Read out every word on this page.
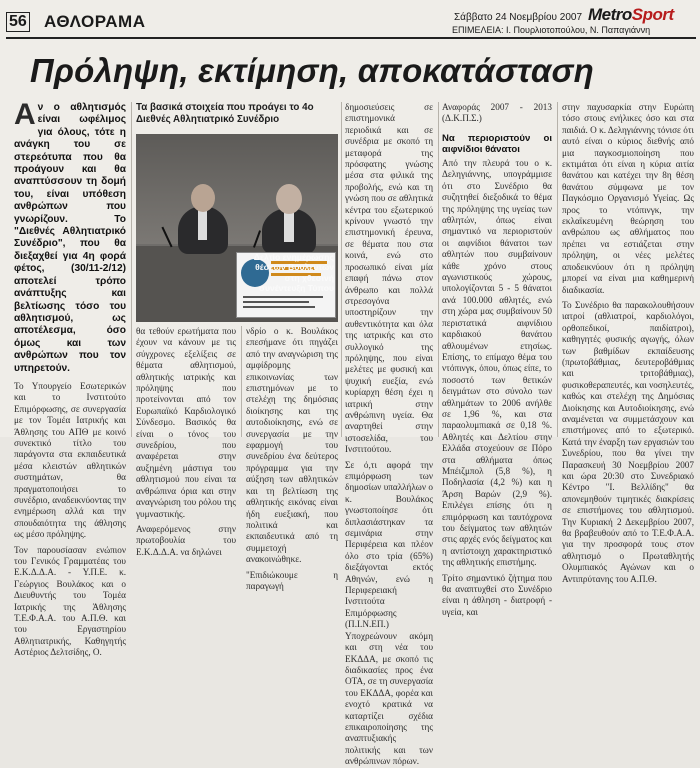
56 ΑΘΛΟΡΑΜΑ	Σάββατο 24 Νοεμβρίου 2007 MetroSport
ΕΠΙΜΕΛΕΙΑ: Ι. Πουρλιοτοπούλου, Ν. Παπαγιάννη
Πρόληψη, εκτίμηση, αποκατάσταση
Α ν ο αθλητισμός είναι ωφέλιμος για όλους, τότε η ανάγκη του σε στερεότυπα που θα προάγουν και θα αναπτύσσουν τη δομή του, είναι υπόθεση ανθρώπων που γνωρίζουν. Το "Διεθνές Αθλητιατρικό Συνέδριο", που θα διεξαχθεί για 4η φορά φέτος, (30/11-2/12) αποτελεί τρόπο ανάπτυξης και βελτίωσης τόσο του αθλητισμού, ως αποτέλεσμα, όσο όμως και των ανθρώπων που τον υπηρετούν.

Το Υπουργείο Εσωτερικών και το Ινστιτούτο Επιμόρφωσης, σε συνεργασία με τον Τομέα Ιατρικής και Άθλησης του ΑΠΘ με κοινό συνεκτικό τίτλο του παράγοντα στα εκπαιδευτικά μέσα κλειστών αθλητικών συστημάτων, θα πραγματοποιήσει το συνέδριο, αναδεικνύοντας την ενημέρωση αλλά και την σπουδαιότητα της άθλησης ως μέσο πρόληψης.

Τον παρουσίασαν ενώπιον του Γενικός Γραμματέας του Ε.Κ.Δ.Δ.Α. - Υ.Π.Ε. κ. Γεώργιος Βουλάκος και ο Διευθυντής του Τομέα Ιατρικής της Άθλησης Τ.Ε.Φ.Α.Α. του Α.Π.Θ. και του Εργαστηρίου Αθλητιατρικής, Καθηγητής Αστέριος Δελτσίδης, Ο.

Τα βασικά στοιχεία που προάγει το 4ο Διεθνές Αθλητιατρικό Συνέδριο
Δελτίο ενημέρωσης θέσεων Βουλευτών στη χθεσινή συνέντευξη Τύπου

θα τεθούν ερωτήματα που έχουν να κάνουν με τις σύγχρονες εξελίξεις σε θέματα αθλητισμού, αθλητικής ιατρικής και πρόληψης που προτείνονται από τον Ευρωπαϊκό Καρδιολογικό Σύνδεσμο. Βασικός θα είναι ο τόνος του συνεδρίου, που αναφέρεται στην αυξημένη μάστιγα του αθλητισμού που είναι τα ανθρώπινα όρια και στην αναγνώριση του ρόλου της γυμναστικής.

Αναφερόμενος στην πρωτοβουλία του Ε.Κ.Δ.Δ.Α. να δηλώνει

νδρίο ο κ. Βουλάκος επεσήμανε ότι πηγάζει από την αναγνώριση της αμφίδρομης επικοινωνίας των επιστημόνων με το στελέχη της δημόσιας διοίκησης και της αυτοδιοίκησης, ενώ σε συνεργασία με την εφαρμογή του συνεδρίου ένα δεύτερος πρόγραμμα για την αύξηση των αθλητικών και τη βελτίωση της αθλητικής εικόνας είναι ήδη ευεξιακή, που πολιτικά και εκπαιδευτικά από τη συμμετοχή ανακοινώθηκε.

"Επιδιώκουμε η παραγωγή

δημοσιεύσεις σε επιστημονικά περιοδικά και σε συνέδρια με σκοπό τη μεταφορά της πρόσφατης γνώσης μέσα στα φιλικά της προβολής, ενώ και τη γνώση που σε αθλητικά κέντρα του εξωτερικού κρίνουν γνωστό την επιστημονική έρευνα, σε θέματα που στα κοινά, ενώ στο προσωπικό είναι μία επαφή πάνω στον άνθρωπο και πολλά στρεσογόνα υποστηρίζουν την αυθεντικότητα και όλα της ιατρικής και στο συλλογικό της πρόληψης, που είναι μελέτες με φυσική και ψυχική ευεξία, ενώ κυρίαρχη θέση έχει η ιατρική στην ανθρώπινη υγεία. Θα αναρτηθεί στην ιστοσελίδα, του Ινστιτούτου.

Σε ό,τι αφορά την επιμόρφωση των δημοσίων υπαλλήλων ο κ. Βουλάκος γνωστοποίησε ότι διπλασιάστηκαν τα σεμινάρια στην Περιφέρεια και πλέον όλο στο τρία (65%) διεξάγονται εκτός Αθηνών, ενώ η Περιφερειακή Ινστιτούτα Επιμόρφωσης (Π.Ι.Ν.ΕΠ.) Υποχρεώνουν ακόμη και στη νέα του ΕΚΔΔΑ, με σκοπό τις διαδικασίες προς ένα OTA, σε τη συνεργασία του ΕΚΔΔΑ, φορέα και ενοχτό κρατικά να καταρτίζει σχέδια επικαιροποίησης της αναπτυξιακής πολιτικής και των ανθρώπινων πόρων.

Αναφοράς 2007 - 2013 (Δ.Κ.Π.Σ.)

Να περιοριστούν οι αιφνίδιοι θάνατοι

Από την πλευρά του ο κ. Δεληγιάννης, υπογράμμισε ότι στο Συνέδριο θα συζητηθεί διεξοδικά το θέμα της πρόληψης της υγείας των αθλητών, όπως είναι σημαντικό να περιοριστούν οι αιφνίδιοι θάνατοι των αθλητών που συμβαίνουν κάθε χρόνο στους αγωνιστικούς χώρους, υπολογίζονται 5 - 5 θάνατοι ανά 100.000 αθλητές, ενώ στη χώρα μας συμβαίνουν 50 περιστατικά αιφνίδιου καρδιακού θανάτου αθλουμένων ετησίως. Επίσης, το επίμαχο θέμα του ντόπινγκ, όπου, όπως είπε, το ποσοστό των θετικών δειγμάτων στο σύνολο των αθλημάτων το 2006 ανήλθε σε 1,96 %, και στα παραολυμπιακά σε 0,18 %. Αθλητές και Δελτίου στην Ελλάδα στοχεύουν σε Πόρο στα αθλήματα όπως Μπέιζμπολ (5,8 %), η Ποδηλασία (4,2 %) και η Άρση Βαρών (2,9 %). Επιλέγει επίσης ότι η επιμόρφωση και ταυτόχρονα του δείγματος των αθλητών στις αρχές ενός δείγματος και η αντίστοιχη χαρακτηριστικό της αθλητικής επιστήμης.

Τρίτο σημαντικό ζήτημα που θα αναπτυχθεί στο Συνέδριο είναι η άθληση - διατροφή - υγεία, και

στην παχυσαρκία στην Ευρώπη τόσο στους ενήλικες όσο και στα παιδιά. Ο κ. Δεληγιάννης τόνισε ότι αυτό είναι ο κύριος διεθνής από μια παγκοσμιοποίηση που εκτιμάται ότι είναι η κύρια αιτία θανάτου και κατέχει την 8η θέση θανάτου σύμφωνα με τον Παγκόσμιο Οργανισμό Υγείας. Ως προς το ντόπινγκ, την εκλαϊκευμένη θεώρηση του ανθρώπου ως αθλήματος που πρέπει να εστιάζεται στην πρόληψη, οι νέες μελέτες αποδεικνύουν ότι η πρόληψη μπορεί να είναι μια καθημερινή διαδικασία.

Το Συνέδριο θα παρακολουθήσουν ιατροί (αθλιατροί, καρδιολόγοι, ορθοπεδικοί, παιδίατροι), καθηγητές φυσικής αγωγής, όλων των βαθμίδων εκπαίδευσης (πρωτοβάθμιας, δευτεροβάθμιας και τριτοβάθμιας), φυσικοθεραπευτές, και νοσηλευτές, καθώς και στελέχη της Δημόσιας Διοίκησης και Αυτοδιοίκησης, ενώ αναμένεται να συμμετάσχουν και επιστήμονες από το εξωτερικό. Κατά την έναρξη των εργασιών του Συνεδρίου, που θα γίνει την Παρασκευή 30 Νοεμβρίου 2007 και ώρα 20:30 στο Συνεδριακό Κέντρο "Ι. Βελλίδης" θα απονεμηθούν τιμητικές διακρίσεις σε επιστήμονες του αθλητισμού. Την Κυριακή 2 Δεκεμβρίου 2007, θα βραβευθούν από το Τ.Ε.Φ.Α.Α. για την προσφορά τους στον αθλητισμό ο Πρωταθλητής Ολυμπιακός Αγώνων και ο Αντιπρύτανης του Α.Π.Θ.
